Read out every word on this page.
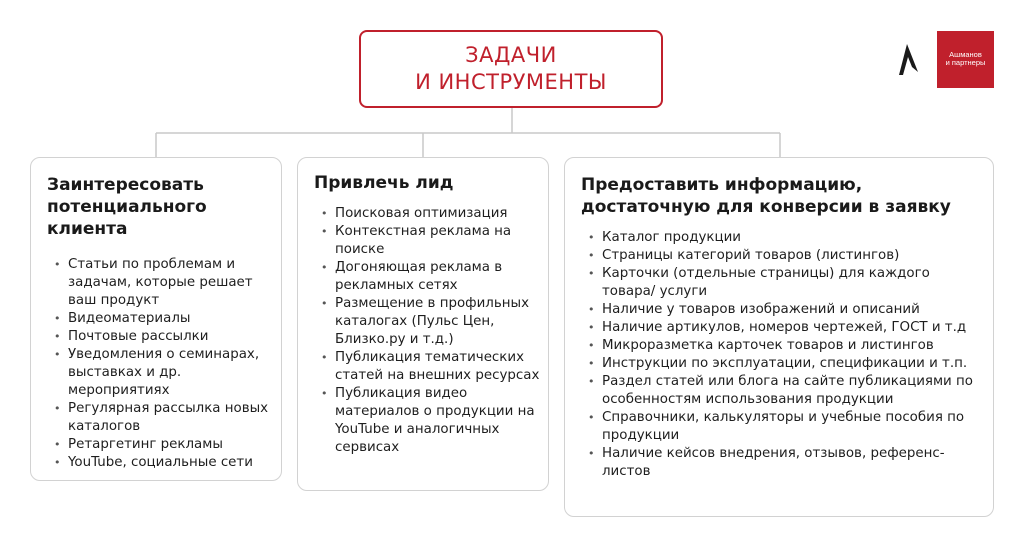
ЗАДАЧИ
И ИНСТРУМЕНТЫ
Ашманов
и партнеры
Заинтересовать потенциального клиента
• Статьи по проблемам и задачам, которые решает ваш продукт
• Видеоматериалы
• Почтовые рассылки
• Уведомления о семинарах, выставках и др. мероприятиях
• Регулярная рассылка новых каталогов
• Ретаргетинг рекламы
• YouTube, социальные сети
Привлечь лид
• Поисковая оптимизация
• Контекстная реклама на поиске
• Догоняющая реклама в рекламных сетях
• Размещение в профильных каталогах (Пульс Цен, Близко.ру и т.д.)
• Публикация тематических статей на внешних ресурсах
• Публикация видео материалов о продукции на YouTube и аналогичных сервисах
Предоставить информацию, достаточную для конверсии в заявку
• Каталог продукции
• Страницы категорий товаров (листингов)
• Карточки (отдельные страницы) для каждого товара/ услуги
• Наличие у товаров изображений и описаний
• Наличие артикулов, номеров чертежей, ГОСТ и т.д
• Микроразметка карточек товаров и листингов
• Инструкции по эксплуатации, спецификации и т.п.
• Раздел статей или блога на сайте публикациями по особенностям использования продукции
• Справочники, калькуляторы и учебные пособия по продукции
• Наличие кейсов внедрения, отзывов, референс-листов
